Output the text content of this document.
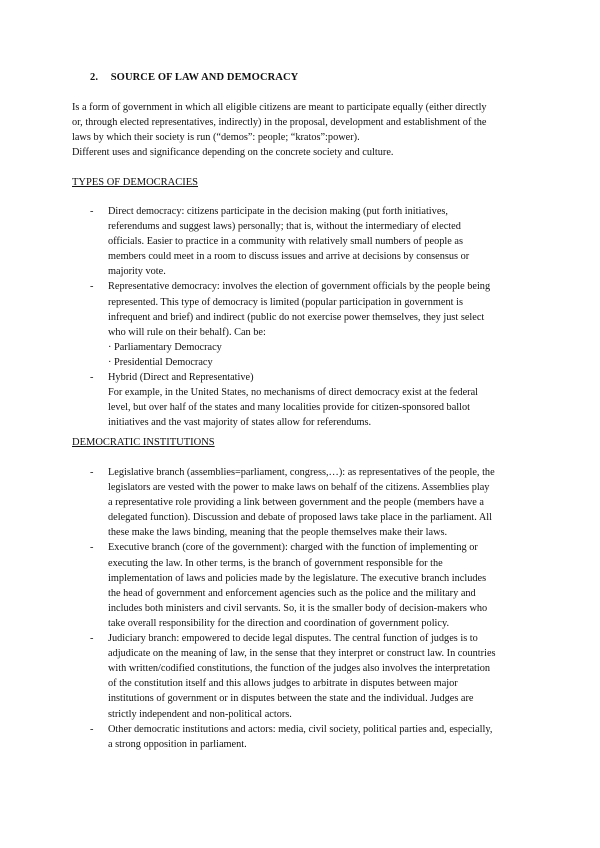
2. SOURCE OF LAW AND DEMOCRACY
Is a form of government in which all eligible citizens are meant to participate equally (either directly
or, through elected representatives, indirectly) in the proposal, development and establishment of the
laws by which their society is run (“demos”: people; “kratos”:power).
Different uses and significance depending on the concrete society and culture.
TYPES OF DEMOCRACIES
- Direct democracy: citizens participate in the decision making (put forth initiatives,
referendums and suggest laws) personally; that is, without the intermediary of elected
officials. Easier to practice in a community with relatively small numbers of people as
members could meet in a room to discuss issues and arrive at decisions by consensus or
majority vote.
- Representative democracy: involves the election of government officials by the people being
represented. This type of democracy is limited (popular participation in government is
infrequent and brief) and indirect (public do not exercise power themselves, they just select
who will rule on their behalf). Can be:
· Parliamentary Democracy
· Presidential Democracy
- Hybrid (Direct and Representative)
For example, in the United States, no mechanisms of direct democracy exist at the federal
level, but over half of the states and many localities provide for citizen-sponsored ballot
initiatives and the vast majority of states allow for referendums.
DEMOCRATIC INSTITUTIONS
- Legislative branch (assemblies=parliament, congress,…): as representatives of the people, the
legislators are vested with the power to make laws on behalf of the citizens. Assemblies play
a representative role providing a link between government and the people (members have a
delegated function). Discussion and debate of proposed laws take place in the parliament. All
these make the laws binding, meaning that the people themselves make their laws.
- Executive branch (core of the government): charged with the function of implementing or
executing the law. In other terms, is the branch of government responsible for the
implementation of laws and policies made by the legislature. The executive branch includes
the head of government and enforcement agencies such as the police and the military and
includes both ministers and civil servants. So, it is the smaller body of decision-makers who
take overall responsibility for the direction and coordination of government policy.
- Judiciary branch: empowered to decide legal disputes. The central function of judges is to
adjudicate on the meaning of law, in the sense that they interpret or construct law. In countries
with written/codified constitutions, the function of the judges also involves the interpretation
of the constitution itself and this allows judges to arbitrate in disputes between major
institutions of government or in disputes between the state and the individual. Judges are
strictly independent and non-political actors.
- Other democratic institutions and actors: media, civil society, political parties and, especially,
a strong opposition in parliament.
